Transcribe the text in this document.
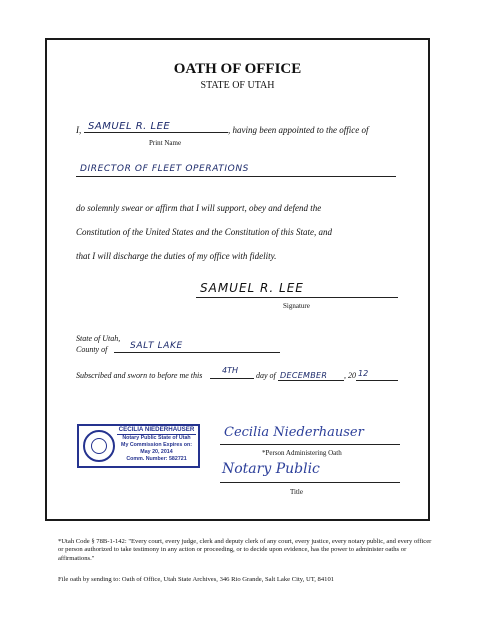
OATH OF OFFICE
STATE OF UTAH
I, SAMUEL R. LEE	, having been appointed to the office of
Print Name
DIRECTOR OF FLEET OPERATIONS
do solemnly swear or affirm that I will support, obey and defend the
Constitution of the United States and the Constitution of this State, and
that I will discharge the duties of my office with fidelity.
SAMUEL R. LEE
Signature
State of Utah,
County of	SALT LAKE
Subscribed and sworn to before me this
4TH
day of DECEMBER , 20 12
CECILIA NIEDERHAUSER
Notary Public State of Utah
My Commission Expires on:
May 20, 2014
Comm. Number: 582721
Cecilia Niederhauser
*Person Administering Oath
Notary Public
Title
*Utah Code § 78B-1-142: "Every court, every judge, clerk and deputy clerk of any court, every justice, every notary public, and every officer or person authorized to take testimony in any action or proceeding, or to decide upon evidence, has the power to administer oaths or affirmations."
File oath by sending to: Oath of Office, Utah State Archives, 346 Rio Grande, Salt Lake City, UT, 84101
